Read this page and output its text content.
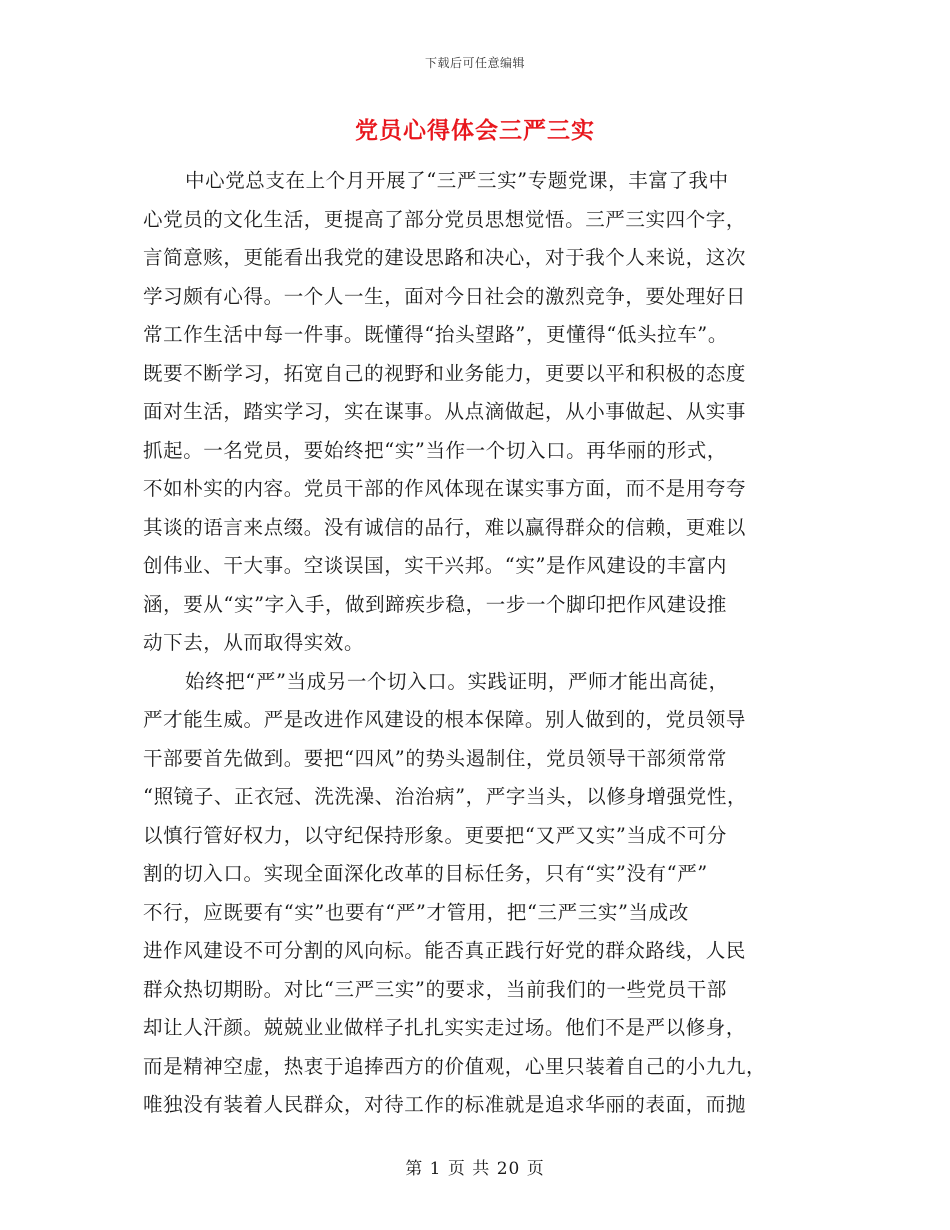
下载后可任意编辑
党员心得体会三严三实
中心党总支在上个月开展了“三严三实”专题党课，丰富了我中
心党员的文化生活，更提高了部分党员思想觉悟。三严三实四个字，
言简意赅，更能看出我党的建设思路和决心，对于我个人来说，这次
学习颇有心得。一个人一生，面对今日社会的激烈竞争，要处理好日
常工作生活中每一件事。既懂得“抬头望路”，更懂得“低头拉车”。
既要不断学习，拓宽自己的视野和业务能力，更要以平和积极的态度
面对生活，踏实学习，实在谋事。从点滴做起，从小事做起、从实事
抓起。一名党员，要始终把“实”当作一个切入口。再华丽的形式，
不如朴实的内容。党员干部的作风体现在谋实事方面，而不是用夸夸
其谈的语言来点缀。没有诚信的品行，难以赢得群众的信赖，更难以
创伟业、干大事。空谈误国，实干兴邦。“实”是作风建设的丰富内
涵，要从“实”字入手，做到蹄疾步稳，一步一个脚印把作风建设推
动下去，从而取得实效。
始终把“严”当成另一个切入口。实践证明，严师才能出高徒，
严才能生威。严是改进作风建设的根本保障。别人做到的，党员领导
干部要首先做到。要把“四风”的势头遏制住，党员领导干部须常常
“照镜子、正衣冠、洗洗澡、治治病”，严字当头，以修身增强党性，
以慎行管好权力，以守纪保持形象。更要把“又严又实”当成不可分
割的切入口。实现全面深化改革的目标任务，只有“实”没有“严”
不行，应既要有“实”也要有“严”才管用，把“三严三实”当成改
进作风建设不可分割的风向标。能否真正践行好党的群众路线，人民
群众热切期盼。对比“三严三实”的要求，当前我们的一些党员干部
却让人汗颜。兢兢业业做样子扎扎实实走过场。他们不是严以修身，
而是精神空虚，热衷于追捧西方的价值观，心里只装着自己的小九九，
唯独没有装着人民群众，对待工作的标准就是追求华丽的表面，而抛
第 1 页 共 20 页
